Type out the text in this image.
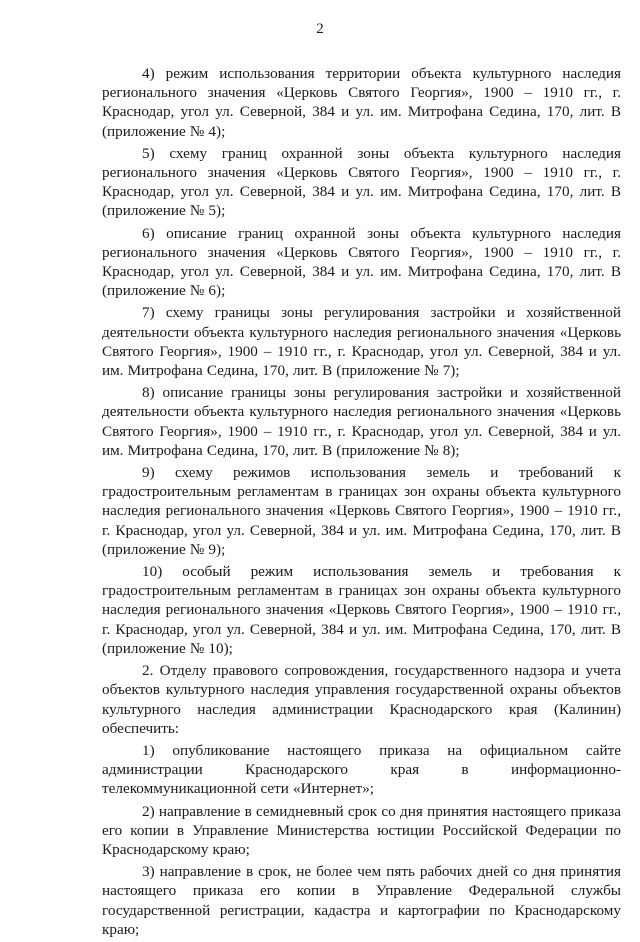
2

4) режим использования территории объекта культурного наследия регионального значения «Церковь Святого Георгия», 1900 – 1910 гг., г. Краснодар, угол ул. Северной, 384 и ул. им. Митрофана Седина, 170, лит. В (приложение № 4);

5) схему границ охранной зоны объекта культурного наследия регионального значения «Церковь Святого Георгия», 1900 – 1910 гг., г. Краснодар, угол ул. Северной, 384 и ул. им. Митрофана Седина, 170, лит. В (приложение № 5);

6) описание границ охранной зоны объекта культурного наследия регионального значения «Церковь Святого Георгия», 1900 – 1910 гг., г. Краснодар, угол ул. Северной, 384 и ул. им. Митрофана Седина, 170, лит. В (приложение № 6);

7) схему границы зоны регулирования застройки и хозяйственной деятельности объекта культурного наследия регионального значения «Церковь Святого Георгия», 1900 – 1910 гг., г. Краснодар, угол ул. Северной, 384 и ул. им. Митрофана Седина, 170, лит. В (приложение № 7);

8) описание границы зоны регулирования застройки и хозяйственной деятельности объекта культурного наследия регионального значения «Церковь Святого Георгия», 1900 – 1910 гг., г. Краснодар, угол ул. Северной, 384 и ул. им. Митрофана Седина, 170, лит. В (приложение № 8);

9) схему режимов использования земель и требований к градостроительным регламентам в границах зон охраны объекта культурного наследия регионального значения «Церковь Святого Георгия», 1900 – 1910 гг., г. Краснодар, угол ул. Северной, 384 и ул. им. Митрофана Седина, 170, лит. В (приложение № 9);

10) особый режим использования земель и требования к градостроительным регламентам в границах зон охраны объекта культурного наследия регионального значения «Церковь Святого Георгия», 1900 – 1910 гг., г. Краснодар, угол ул. Северной, 384 и ул. им. Митрофана Седина, 170, лит. В (приложение № 10);

2. Отделу правового сопровождения, государственного надзора и учета объектов культурного наследия управления государственной охраны объектов культурного наследия администрации Краснодарского края (Калинин) обеспечить:

1) опубликование настоящего приказа на официальном сайте администрации Краснодарского края в информационно-телекоммуникационной сети «Интернет»;

2) направление в семидневный срок со дня принятия настоящего приказа его копии в Управление Министерства юстиции Российской Федерации по Краснодарскому краю;

3) направление в срок, не более чем пять рабочих дней со дня принятия настоящего приказа его копии в Управление Федеральной службы государственной регистрации, кадастра и картографии по Краснодарскому краю;
